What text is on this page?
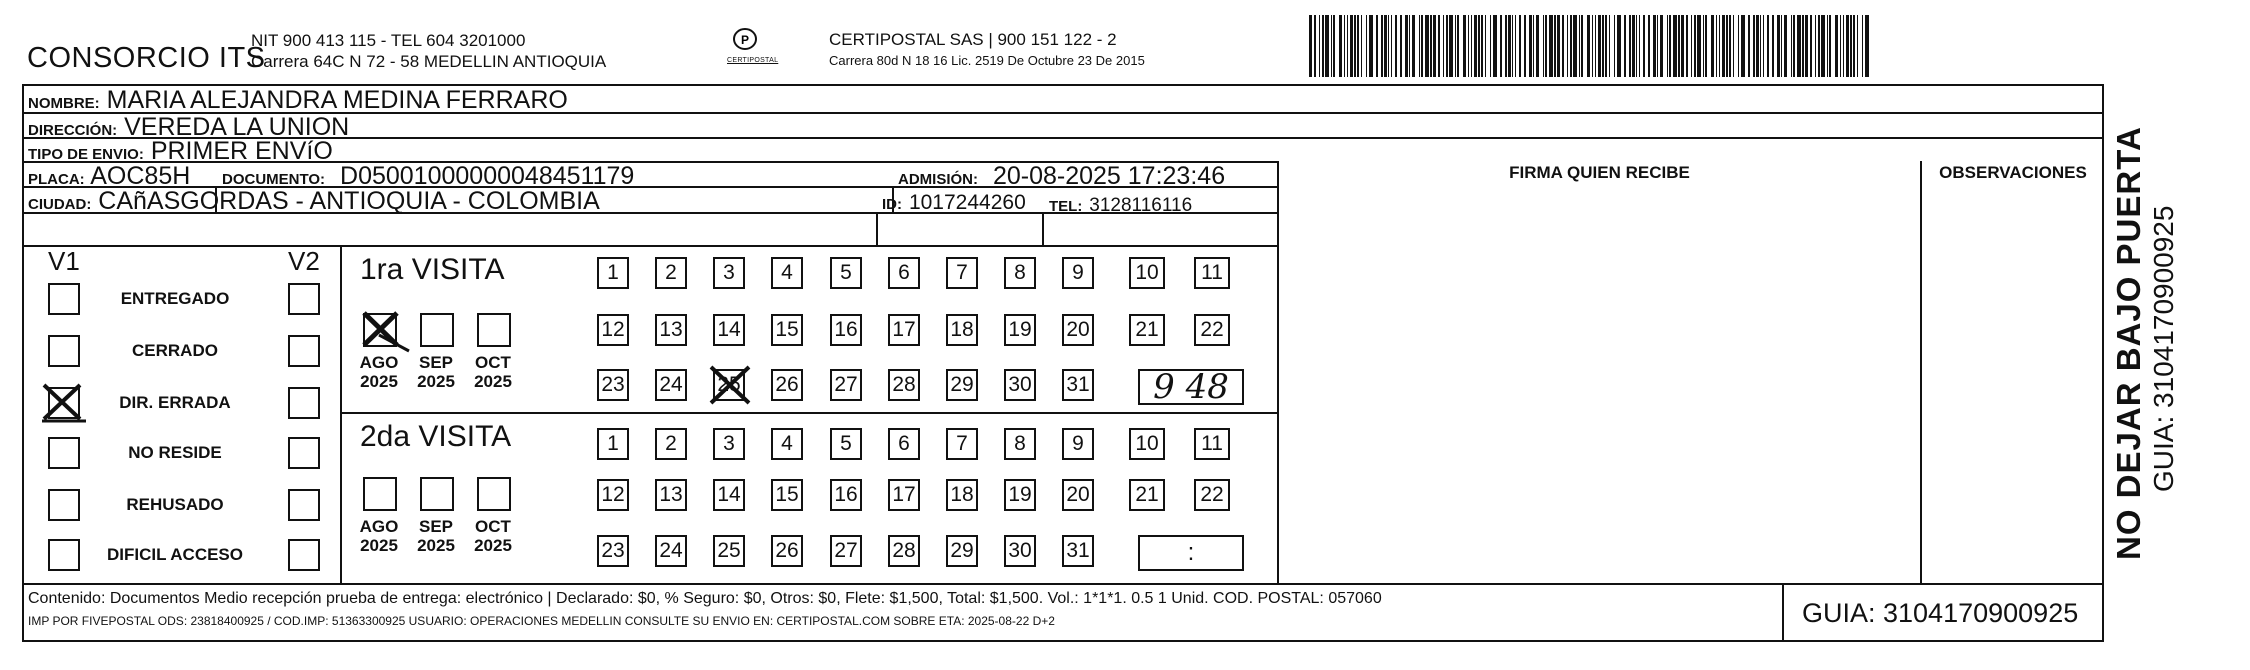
CONSORCIO ITS
NIT 900 413 115 - TEL 604 3201000
Carrera 64C N 72 - 58 MEDELLIN ANTIOQUIA
P
CERTIPOSTAL
CERTIPOSTAL SAS | 900 151 122 - 2
Carrera 80d N 18 16 Lic. 2519 De Octubre 23 De 2015
NOMBRE: MARIA ALEJANDRA MEDINA FERRARO
DIRECCIÓN: VEREDA LA UNION
TIPO DE ENVIO: PRIMER ENVíO
PLACA: AOC85H DOCUMENTO: D05001000000048451179	ADMISIÓN: 20-08-2025 17:23:46
CIUDAD: CAñASGORDAS - ANTIOQUIA - COLOMBIA	ID: 1017244260 TEL: 3128116116
FIRMA QUIEN RECIBE	OBSERVACIONES
V1	V2
ENTREGADO
CERRADO
DIR. ERRADA
NO RESIDE
REHUSADO
DIFICIL ACCESO
1ra VISITA
AGO
2025
SEP
2025
OCT
2025
1	2	3	4	5	6	7	8	9	10	11
12 13 14 15 16 17 18 19 20	21	22
23 24 25 26 27 28 29 30 31	9 48
2da VISITA
AGO
2025
SEP
2025
OCT
2025
1	2	3	4	5	6	7	8	9	10	11
12 13 14 15 16 17 18 19 20	21	22
23 24 25 26 27 28 29 30 31	:
Contenido: Documentos Medio recepción prueba de entrega: electrónico | Declarado: $0, % Seguro: $0, Otros: $0, Flete: $1,500, Total: $1,500. Vol.: 1*1*1. 0.5 1 Unid. COD. POSTAL: 057060
IMP POR FIVEPOSTAL ODS: 23818400925 / COD.IMP: 51363300925 USUARIO: OPERACIONES MEDELLIN CONSULTE SU ENVIO EN: CERTIPOSTAL.COM SOBRE ETA: 2025-08-22 D+2	GUIA: 3104170900925
NO DEJAR BAJO PUERTA GUIA: 3104170900925
